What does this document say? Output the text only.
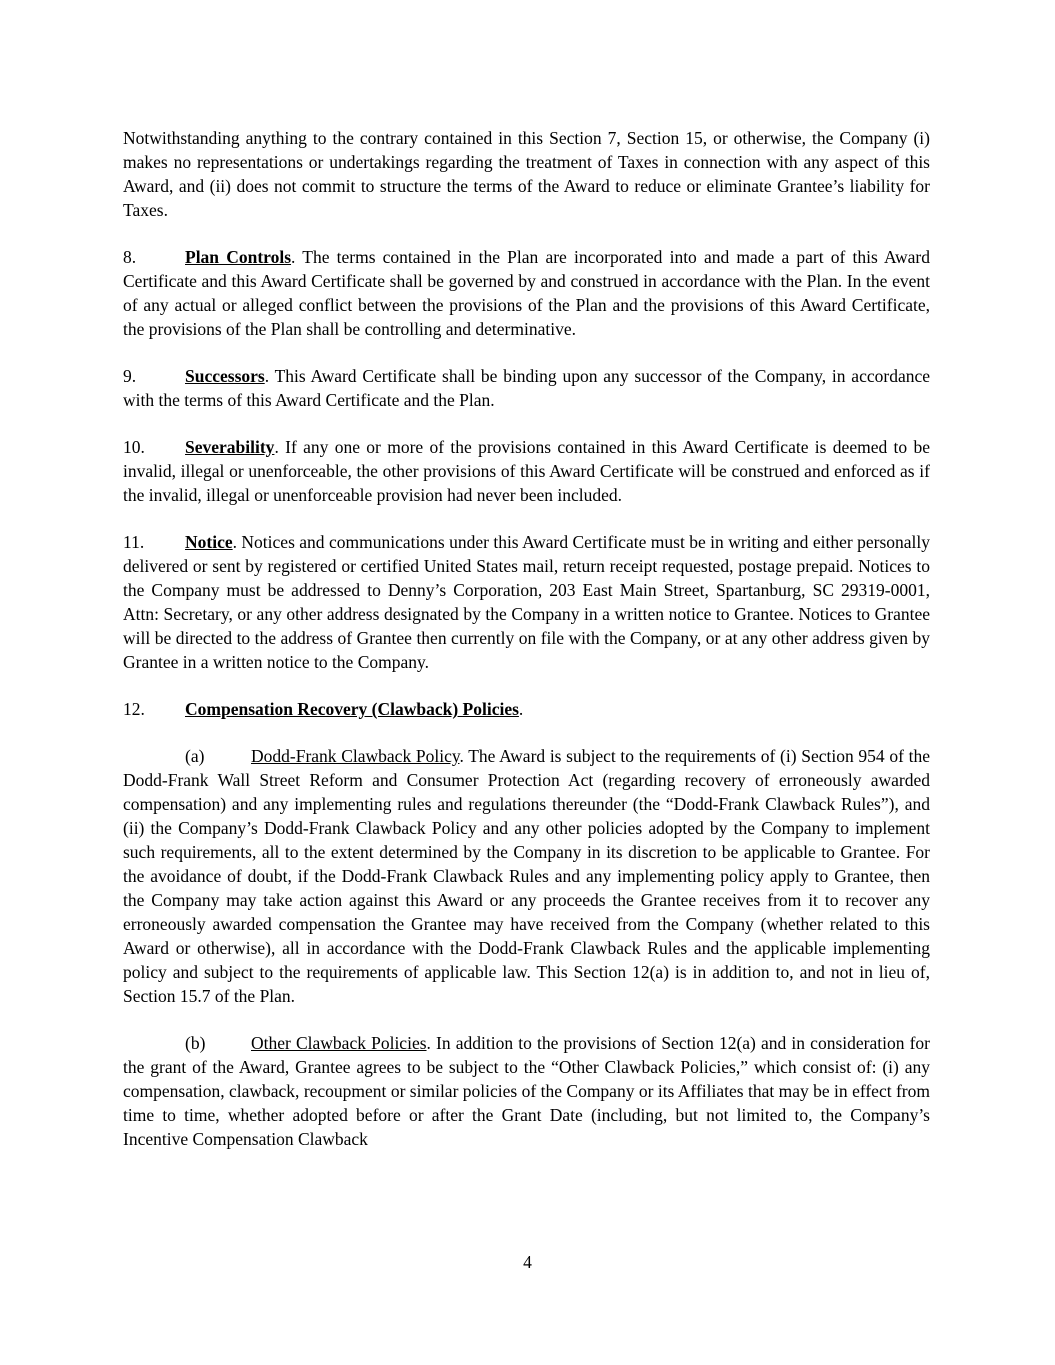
Notwithstanding anything to the contrary contained in this Section 7, Section 15, or otherwise, the Company (i) makes no representations or undertakings regarding the treatment of Taxes in connection with any aspect of this Award, and (ii) does not commit to structure the terms of the Award to reduce or eliminate Grantee’s liability for Taxes.

8.	Plan Controls. The terms contained in the Plan are incorporated into and made a part of this Award Certificate and this Award Certificate shall be governed by and construed in accordance with the Plan. In the event of any actual or alleged conflict between the provisions of the Plan and the provisions of this Award Certificate, the provisions of the Plan shall be controlling and determinative.

9.	Successors. This Award Certificate shall be binding upon any successor of the Company, in accordance with the terms of this Award Certificate and the Plan.

10. Severability. If any one or more of the provisions contained in this Award Certificate is deemed to be invalid, illegal or unenforceable, the other provisions of this Award Certificate will be construed and enforced as if the invalid, illegal or unenforceable provision had never been included.

11. Notice. Notices and communications under this Award Certificate must be in writing and either personally delivered or sent by registered or certified United States mail, return receipt requested, postage prepaid. Notices to the Company must be addressed to Denny’s Corporation, 203 East Main Street, Spartanburg, SC 29319-0001, Attn: Secretary, or any other address designated by the Company in a written notice to Grantee. Notices to Grantee will be directed to the address of Grantee then currently on file with the Company, or at any other address given by Grantee in a written notice to the Company.

12. Compensation Recovery (Clawback) Policies.

(a)	Dodd-Frank Clawback Policy. The Award is subject to the requirements of (i) Section 954 of the Dodd-Frank Wall Street Reform and Consumer Protection Act (regarding recovery of erroneously awarded compensation) and any implementing rules and regulations thereunder (the “Dodd-Frank Clawback Rules”), and (ii) the Company’s Dodd-Frank Clawback Policy and any other policies adopted by the Company to implement such requirements, all to the extent determined by the Company in its discretion to be applicable to Grantee. For the avoidance of doubt, if the Dodd-Frank Clawback Rules and any implementing policy apply to Grantee, then the Company may take action against this Award or any proceeds the Grantee receives from it to recover any erroneously awarded compensation the Grantee may have received from the Company (whether related to this Award or otherwise), all in accordance with the Dodd-Frank Clawback Rules and the applicable implementing policy and subject to the requirements of applicable law. This Section 12(a) is in addition to, and not in lieu of, Section 15.7 of the Plan.

(b)	Other Clawback Policies. In addition to the provisions of Section 12(a) and in consideration for the grant of the Award, Grantee agrees to be subject to the “Other Clawback Policies,” which consist of: (i) any compensation, clawback, recoupment or similar policies of the Company or its Affiliates that may be in effect from time to time, whether adopted before or after the Grant Date (including, but not limited to, the Company’s Incentive Compensation Clawback

4
